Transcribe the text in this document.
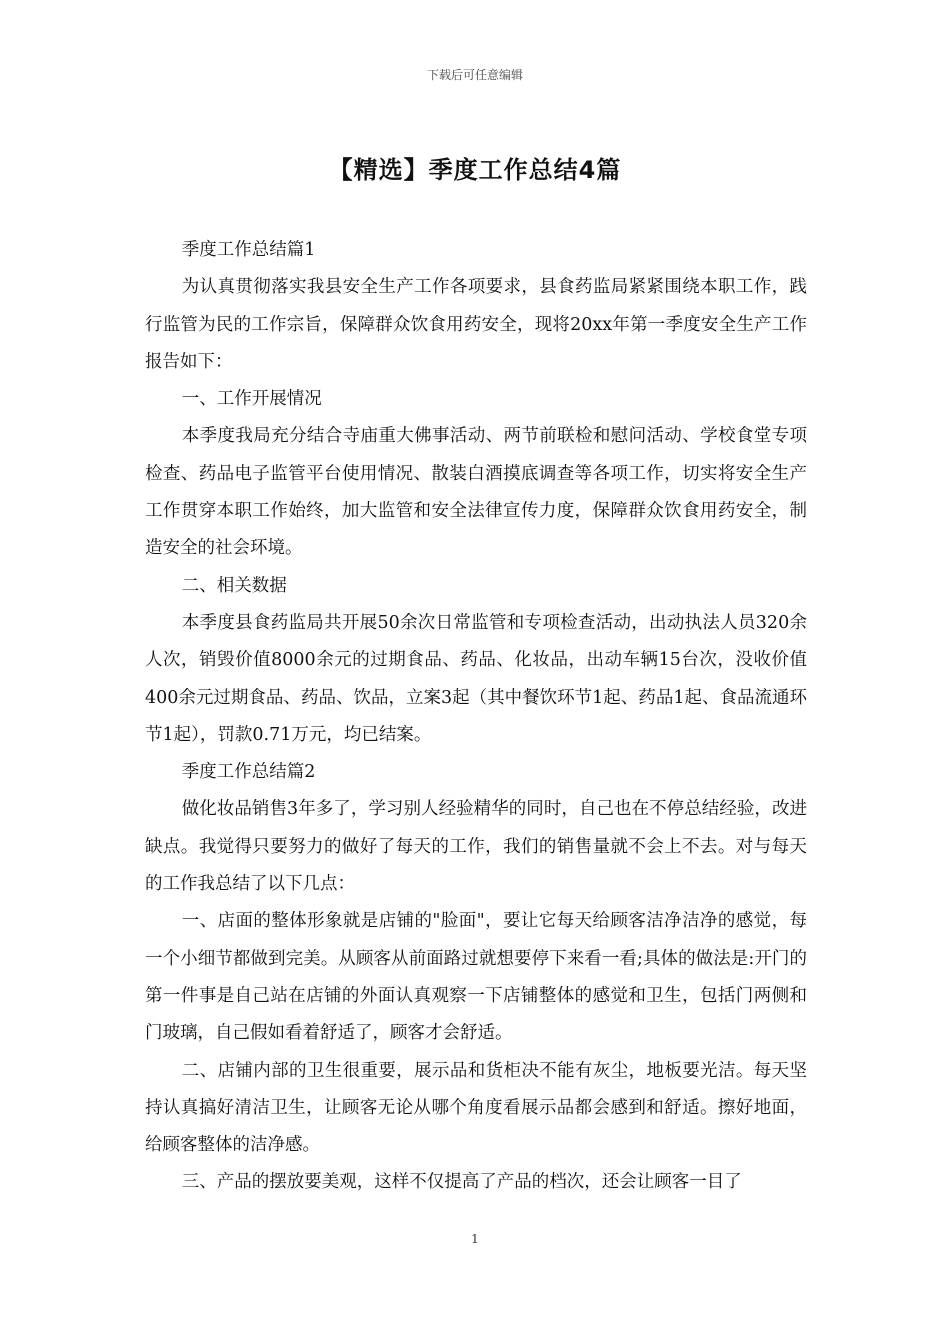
下载后可任意编辑
【精选】季度工作总结4篇

季度工作总结篇1

为认真贯彻落实我县安全生产工作各项要求，县食药监局紧紧围绕本职工作，践行监管为民的工作宗旨，保障群众饮食用药安全，现将20xx年第一季度安全生产工作报告如下：

一、工作开展情况

本季度我局充分结合寺庙重大佛事活动、两节前联检和慰问活动、学校食堂专项检查、药品电子监管平台使用情况、散装白酒摸底调查等各项工作，切实将安全生产工作贯穿本职工作始终，加大监管和安全法律宣传力度，保障群众饮食用药安全，制造安全的社会环境。

二、相关数据

本季度县食药监局共开展50余次日常监管和专项检查活动，出动执法人员320余人次，销毁价值8000余元的过期食品、药品、化妆品，出动车辆15台次，没收价值400余元过期食品、药品、饮品，立案3起（其中餐饮环节1起、药品1起、食品流通环节1起），罚款0.71万元，均已结案。

季度工作总结篇2

做化妆品销售3年多了，学习别人经验精华的同时，自己也在不停总结经验，改进缺点。我觉得只要努力的做好了每天的工作，我们的销售量就不会上不去。对与每天的工作我总结了以下几点：

一、店面的整体形象就是店铺的"脸面"，要让它每天给顾客洁净洁净的感觉，每一个小细节都做到完美。从顾客从前面路过就想要停下来看一看;具体的做法是:开门的第一件事是自己站在店铺的外面认真观察一下店铺整体的感觉和卫生，包括门两侧和门玻璃，自己假如看着舒适了，顾客才会舒适。

二、店铺内部的卫生很重要，展示品和货柜决不能有灰尘，地板要光洁。每天坚持认真搞好清洁卫生，让顾客无论从哪个角度看展示品都会感到和舒适。擦好地面，给顾客整体的洁净感。

三、产品的摆放要美观，这样不仅提高了产品的档次，还会让顾客一目了

1
